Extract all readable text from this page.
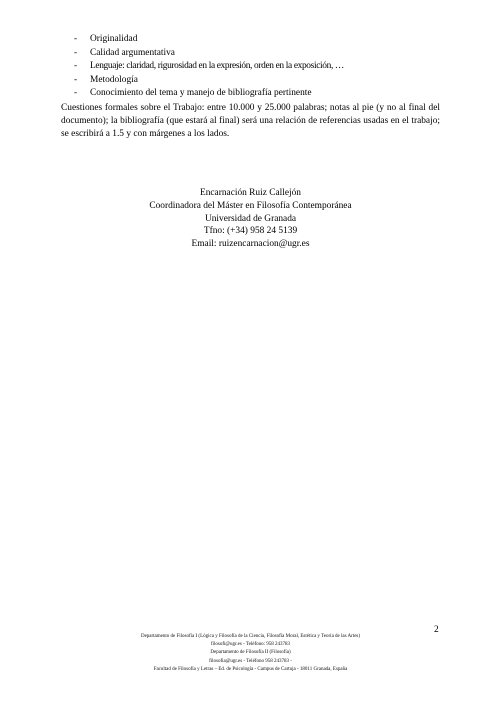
-	Originalidad
-	Calidad argumentativa
-	Lenguaje: claridad, rigurosidad en la expresión, orden en la exposición, …
-	Metodología
-	Conocimiento del tema y manejo de bibliografía pertinente

Cuestiones formales sobre el Trabajo: entre 10.000 y 25.000 palabras; notas al pie (y no al final del documento); la bibliografía (que estará al final) será una relación de referencias usadas en el trabajo; se escribirá a 1.5 y con márgenes a los lados.

Encarnación Ruiz Callejón
Coordinadora del Máster en Filosofía Contemporánea
Universidad de Granada
Tfno: (+34) 958 24 5139
Email: ruizencarnacion@ugr.es
2
Departamento de Filosofía I (Lógica y Filosofía de la Ciencia, Filosofía Moral, Estética y Teoría de las Artes)
filosofi@ugr.es - Teléfono: 958 243783
Departamento de Filosofía II (Filosofía)
filosofia@ugr.es - Teléfono 958 243783 -
Facultad de Filosofía y Letras – Ed. de Psicología - Campus de Cartuja - 18011 Granada, España
